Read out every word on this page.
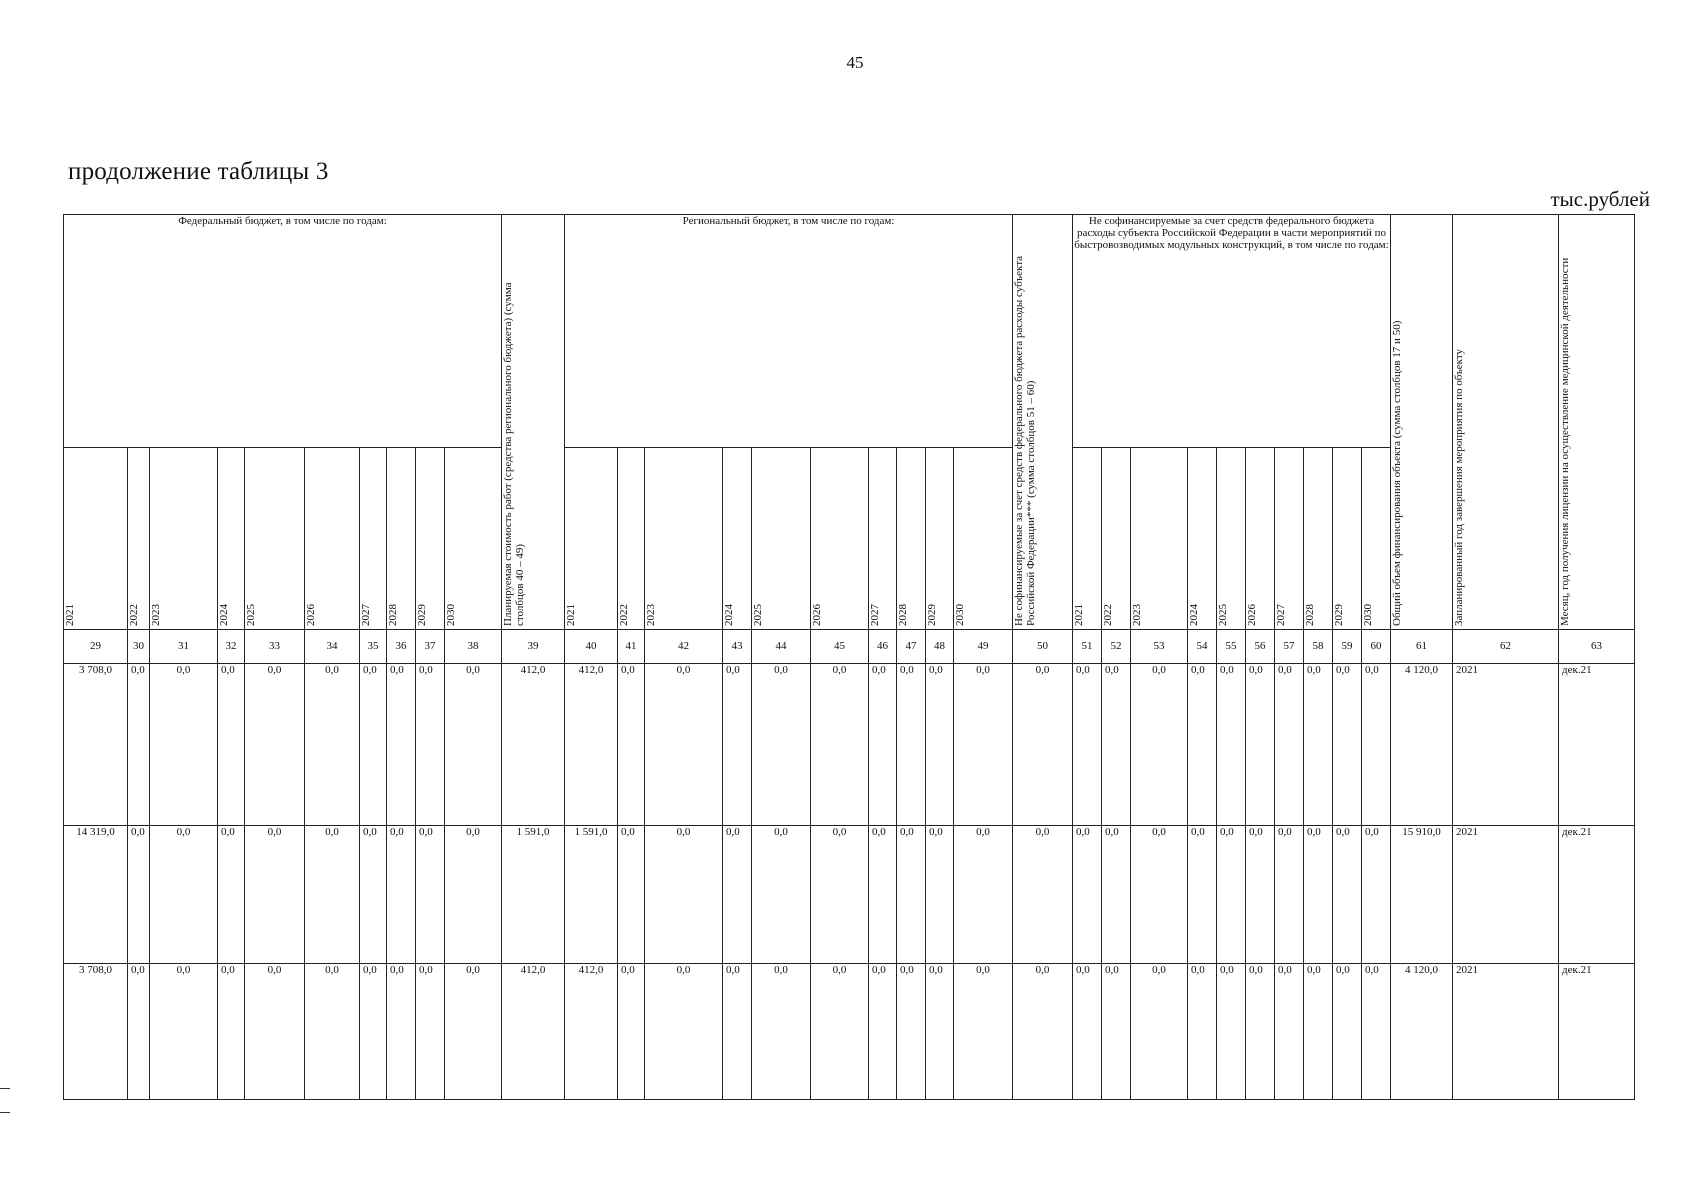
45
продолжение таблицы 3
тыс.рублей
Федеральный бюджет, в том числе по годам:										Планируемая стоимость работ (средства регионального бюджета) (сумма столбцов 40 – 49)	Региональный бюджет, в том числе по годам:										Не софинансируемые за счет средств федерального бюджета расходы субъекта Российской Федерации*** (сумма столбцов 51 – 60)	Не софинансируемые за счет средств федерального бюджета расходы субъекта Российской Федерации в части мероприятий по быстровозводимых модульных конструкций, в том числе по годам:										Общий объем финансирования объекта (сумма столбцов 17 и 50)	Запланированный год завершения мероприятия по объекту	Месяц, год получения лицензии на осуществление медицинской деятельности
2021	2022	2023	2024	2025	2026	2027	2028	2029	2030		2021	2022	2023	2024	2025	2026	2027	2028	2029	2030		2021	2022	2023	2024	2025	2026	2027	2028	2029	2030			
29	30	31	32	33	34	35	36	37	38	39	40	41	42	43	44	45	46	47	48	49	50	51	52	53	54	55	56	57	58	59	60	61	62	63
3 708,0	0,0	0,0	0,0	0,0	0,0	0,0	0,0	0,0	0,0	412,0	412,0	0,0	0,0	0,0	0,0	0,0	0,0	0,0	0,0	0,0	0,0	0,0	0,0	0,0	0,0	0,0	0,0	0,0	0,0	0,0	0,0	4 120,0	2021	дек.21
14 319,0	0,0	0,0	0,0	0,0	0,0	0,0	0,0	0,0	0,0	1 591,0	1 591,0	0,0	0,0	0,0	0,0	0,0	0,0	0,0	0,0	0,0	0,0	0,0	0,0	0,0	0,0	0,0	0,0	0,0	0,0	0,0	0,0	15 910,0	2021	дек.21
3 708,0	0,0	0,0	0,0	0,0	0,0	0,0	0,0	0,0	0,0	412,0	412,0	0,0	0,0	0,0	0,0	0,0	0,0	0,0	0,0	0,0	0,0	0,0	0,0	0,0	0,0	0,0	0,0	0,0	0,0	0,0	0,0	4 120,0	2021	дек.21
